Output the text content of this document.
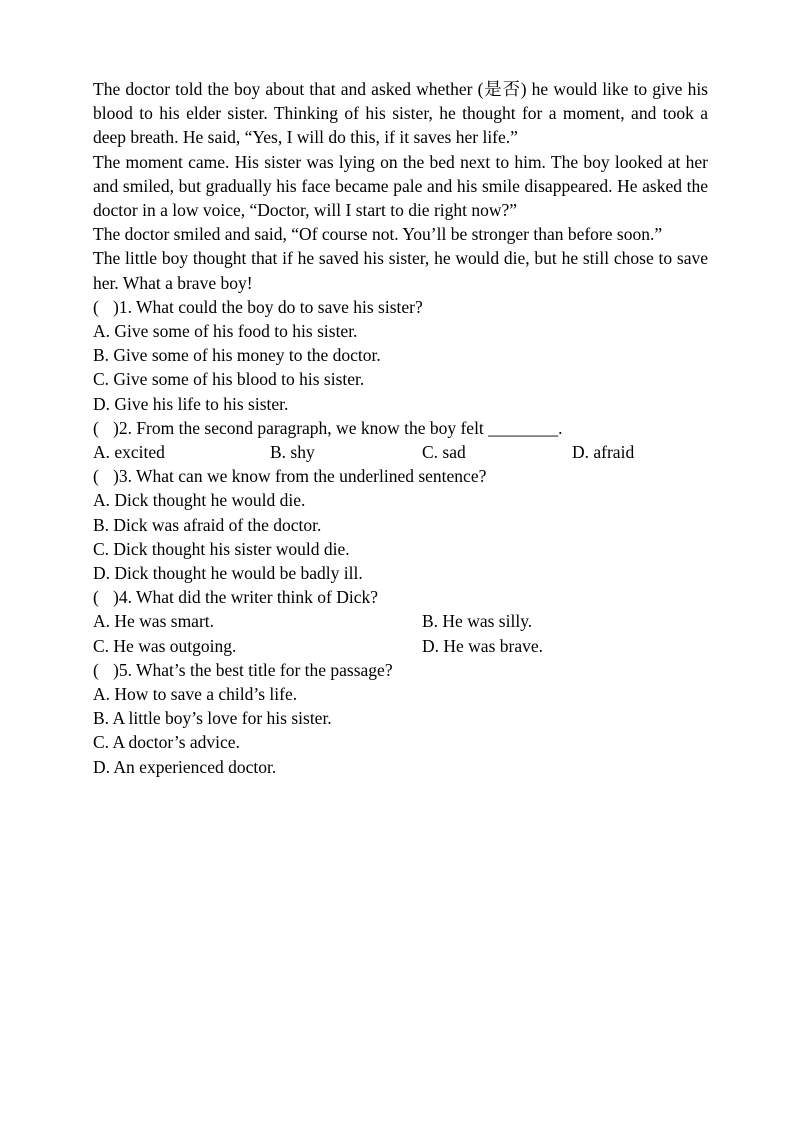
The doctor told the boy about that and asked whether (是否) he would like to give his blood to his elder sister. Thinking of his sister, he thought for a moment, and took a deep breath. He said, “Yes, I will do this, if it saves her life.”

The moment came. His sister was lying on the bed next to him. The boy looked at her and smiled, but gradually his face became pale and his smile disappeared. He asked the doctor in a low voice, “Doctor, will I start to die right now?”

The doctor smiled and said, “Of course not. You’ll be stronger than before soon.”

The little boy thought that if he saved his sister, he would die, but he still chose to save her. What a brave boy!

( )1. What could the boy do to save his sister?

A. Give some of his food to his sister.

B. Give some of his money to the doctor.

C. Give some of his blood to his sister.

D. Give his life to his sister.

( )2. From the second paragraph, we know the boy felt ________.

A. excited	B. shy	C. sad	D. afraid

( )3. What can we know from the underlined sentence?

A. Dick thought he would die.

B. Dick was afraid of the doctor.

C. Dick thought his sister would die.

D. Dick thought he would be badly ill.

( )4. What did the writer think of Dick?

A. He was smart.	B. He was silly.
C. He was outgoing.	D. He was brave.

( )5. What’s the best title for the passage?

A. How to save a child’s life.

B. A little boy’s love for his sister.

C. A doctor’s advice.

D. An experienced doctor.
